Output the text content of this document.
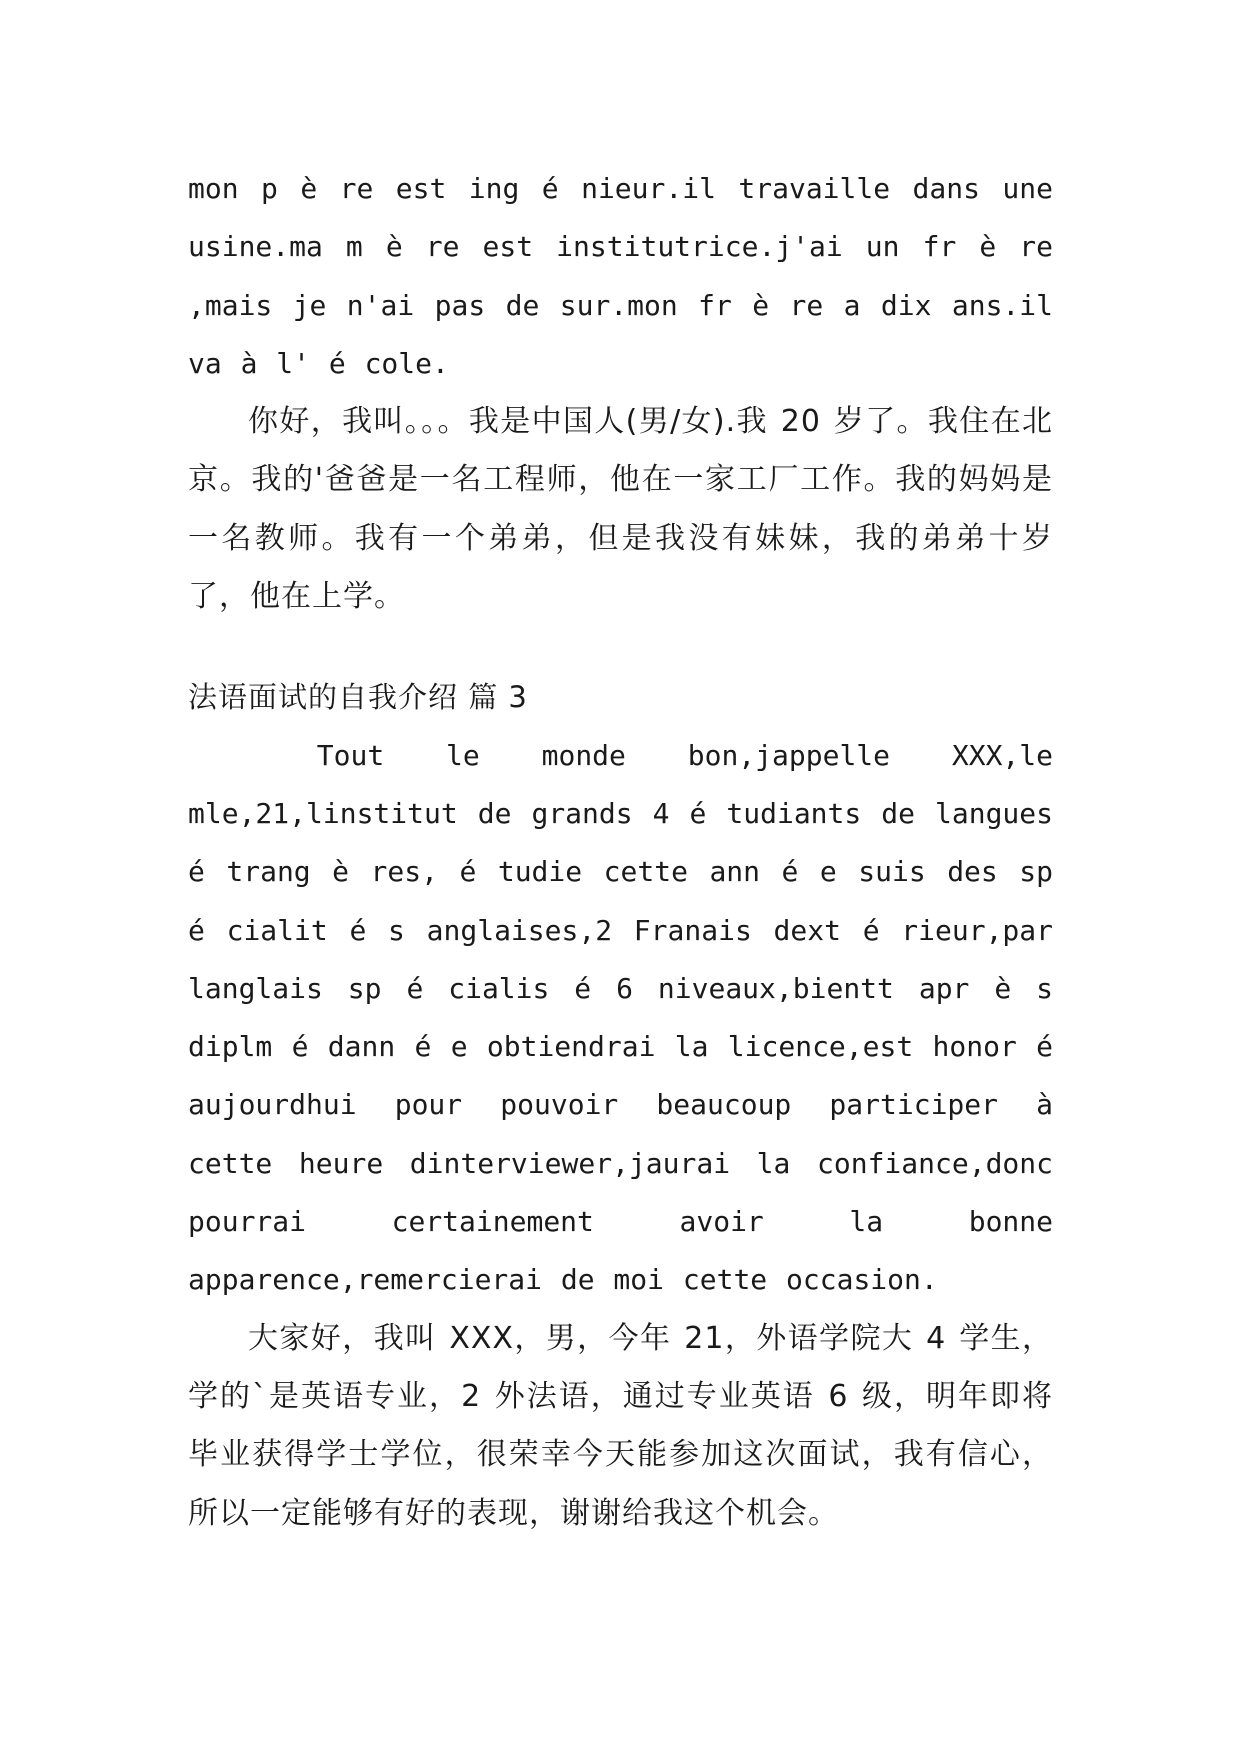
mon p è re est ing é nieur.il travaille dans une usine.ma m è re est institutrice.j'ai un fr è re ,mais je n'ai pas de sur.mon fr è re a dix ans.il va à l' é cole.

你好，我叫。。。我是中国人(男/女).我 20 岁了。我住在北京。我的'爸爸是一名工程师，他在一家工厂工作。我的妈妈是一名教师。我有一个弟弟，但是我没有妹妹，我的弟弟十岁了，他在上学。

法语面试的自我介绍 篇 3

Tout le monde bon,jappelle XXX,le mle,21,linstitut de grands 4 é tudiants de langues é trang è res, é tudie cette ann é e suis des sp é cialit é s anglaises,2 Franais dext é rieur,par langlais sp é cialis é 6 niveaux,bientt apr è s diplm é dann é e obtiendrai la licence,est honor é aujourdhui pour pouvoir beaucoup participer à cette heure dinterviewer,jaurai la confiance,donc pourrai certainement avoir la bonne apparence,remercierai de moi cette occasion.

大家好，我叫 XXX，男，今年 21，外语学院大 4 学生，学的`是英语专业，2 外法语，通过专业英语 6 级，明年即将毕业获得学士学位，很荣幸今天能参加这次面试，我有信心，所以一定能够有好的表现，谢谢给我这个机会。
